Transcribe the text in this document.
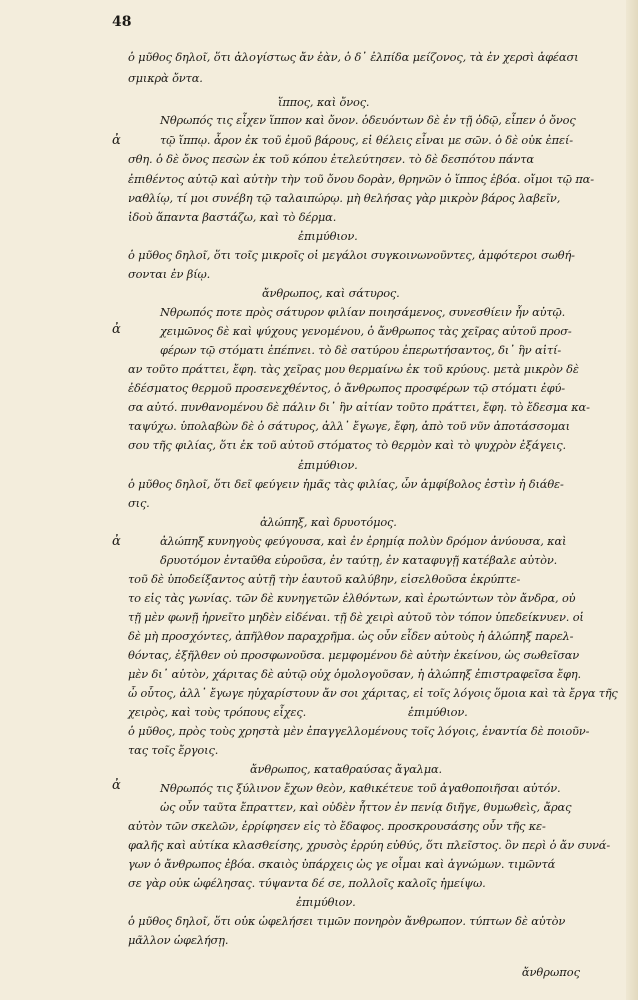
48
ἀ
ἀ
ἀ
ἀ
ὁ μῦθος δηλοῖ, ὅτι ἀλογίστως ἄν ἐὰν, ὁ δ᾿ ἐλπίδα μείζονος, τὰ ἐν χερσὶ ἀφέασι
σμικρὰ ὄντα.
ἵππος, καὶ ὄνος.
Νθρωπός τις εἶχεν ἵππον καὶ ὄνον. ὁδευόντων δὲ ἐν τῇ ὁδῷ, εἶπεν ὁ ὄνος
τῷ ἵππῳ. ἆρον ἐκ τοῦ ἐμοῦ βάρους, εἰ θέλεις εἶναι με σῶν. ὁ δὲ οὐκ ἐπεί-
σθη. ὁ δὲ ὄνος πεσὼν ἐκ τοῦ κόπου ἐτελεύτησεν. τὸ δὲ δεσπότου πάντα
ἐπιθέντος αὐτῷ καὶ αὐτὴν τὴν τοῦ ὄνου δορὰν, θρηνῶν ὁ ἵππος ἐβόα. οἴμοι τῷ πα-
ναθλίῳ, τί μοι συνέβη τῷ ταλαιπώρῳ. μὴ θελήσας γὰρ μικρὸν βάρος λαβεῖν,
ἰδοὺ ἅπαντα βαστάζω, καὶ τὸ δέρμα.
ἐπιμύθιον.
ὁ μῦθος δηλοῖ, ὅτι τοῖς μικροῖς οἱ μεγάλοι συγκοινωνοῦντες, ἀμφότεροι σωθή-
σονται ἐν βίῳ.
ἄνθρωπος, καὶ σάτυρος.
Νθρωπός ποτε πρὸς σάτυρον φιλίαν ποιησάμενος, συνεσθίειν ἦν αὐτῷ.
χειμῶνος δὲ καὶ ψύχους γενομένου, ὁ ἄνθρωπος τὰς χεῖρας αὐτοῦ προσ-
φέρων τῷ στόματι ἐπέπνει. τὸ δὲ σατύρου ἐπερωτήσαντος, δι᾿ ἣν αἰτί-
αν τοῦτο πράττει, ἔφη. τὰς χεῖρας μου θερμαίνω ἐκ τοῦ κρύους. μετὰ μικρὸν δὲ
ἐδέσματος θερμοῦ προσενεχθέντος, ὁ ἄνθρωπος προσφέρων τῷ στόματι ἐφύ-
σα αὐτό. πυνθανομένου δὲ πάλιν δι᾿ ἣν αἰτίαν τοῦτο πράττει, ἔφη. τὸ ἔδεσμα κα-
ταψύχω. ὑπολαβὼν δὲ ὁ σάτυρος, ἀλλ᾿ ἔγωγε, ἔφη, ἀπὸ τοῦ νῦν ἀποτάσσομαι
σου τῆς φιλίας, ὅτι ἐκ τοῦ αὐτοῦ στόματος τὸ θερμὸν καὶ τὸ ψυχρὸν ἐξάγεις.
ἐπιμύθιον.
ὁ μῦθος δηλοῖ, ὅτι δεῖ φεύγειν ἡμᾶς τὰς φιλίας, ὧν ἀμφίβολος ἐστὶν ἡ διάθε-
σις.
ἀλώπηξ, καὶ δρυοτόμος.
ἀλώπηξ κυνηγοὺς φεύγουσα, καὶ ἐν ἐρημίᾳ πολὺν δρόμον ἀνύουσα, καὶ
δρυοτόμον ἐνταῦθα εὑροῦσα, ἐν ταύτῃ, ἐν καταφυγῇ κατέβαλε αὐτὸν.
τοῦ δὲ ὑποδείξαντος αὐτῇ τὴν ἑαυτοῦ καλύβην, εἰσελθοῦσα ἐκρύπτε-
το εἰς τὰς γωνίας. τῶν δὲ κυνηγετῶν ἐλθόντων, καὶ ἐρωτώντων τὸν ἄνδρα, οὐ
τῇ μὲν φωνῇ ἠρνεῖτο μηδὲν εἰδέναι. τῇ δὲ χειρὶ αὐτοῦ τὸν τόπον ὑπεδείκνυεν. οἱ
δὲ μὴ προσχόντες, ἀπῆλθον παραχρῆμα. ὡς οὖν εἶδεν αὐτοὺς ἡ ἀλώπηξ παρελ-
θόντας, ἐξῆλθεν οὐ προσφωνοῦσα. μεμφομένου δὲ αὐτὴν ἐκείνου, ὡς σωθεῖσαν
μὲν δι᾿ αὐτὸν, χάριτας δὲ αὐτῷ οὐχ ὁμολογοῦσαν, ἡ ἀλώπηξ ἐπιστραφεῖσα ἔφη.
ὦ οὗτος, ἀλλ᾿ ἔγωγε ηὐχαρίστουν ἄν σοι χάριτας, εἰ τοῖς λόγοις ὅμοια καὶ τὰ ἔργα τῆς
χειρὸς, καὶ τοὺς τρόπους εἶχες.	ἐπιμύθιον.
ὁ μῦθος, πρὸς τοὺς χρηστὰ μὲν ἐπαγγελλομένους τοῖς λόγοις, ἐναντία δὲ ποιοῦν-
τας τοῖς ἔργοις.
ἄνθρωπος, καταθραύσας ἄγαλμα.
Νθρωπός τις ξύλινον ἔχων θεὸν, καθικέτευε τοῦ ἀγαθοποιῆσαι αὐτόν.
ὡς οὖν ταῦτα ἔπραττεν, καὶ οὐδὲν ἦττον ἐν πενίᾳ διῆγε, θυμωθεὶς, ἄρας
αὐτὸν τῶν σκελῶν, ἐρρίφησεν εἰς τὸ ἔδαφος. προσκρουσάσης οὖν τῆς κε-
φαλῆς καὶ αὐτίκα κλασθείσης, χρυσὸς ἐρρύη εὐθύς, ὅτι πλεῖστος. ὃν περὶ ὁ ἄν συνά-
γων ὁ ἄνθρωπος ἐβόα. σκαιὸς ὑπάρχεις ὡς γε οἶμαι καὶ ἀγνώμων. τιμῶντά
σε γὰρ οὐκ ὠφέλησας. τύψαντα δέ σε, πολλοῖς καλοῖς ἠμείψω.
ἐπιμύθιον.
ὁ μῦθος δηλοῖ, ὅτι οὐκ ὠφελήσει τιμῶν πονηρὸν ἄνθρωπον. τύπτων δὲ αὐτὸν
μᾶλλον ὠφελήσῃ.
ἄνθρωπος
